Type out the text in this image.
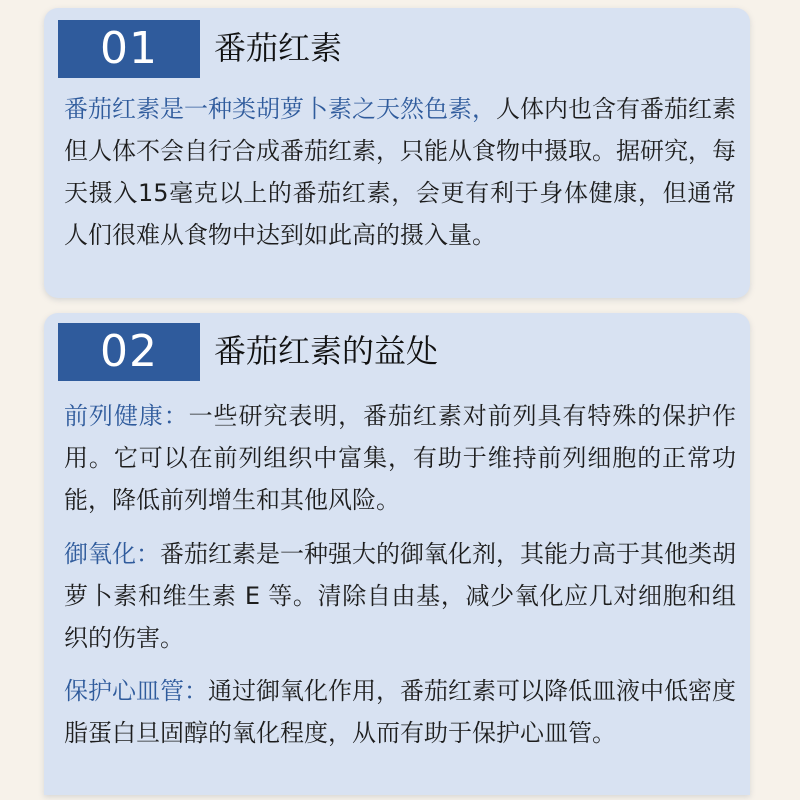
01	番茄红素

番茄红素是一种类胡萝卜素之天然色素，人体内也含有番茄红素但人体不会自行合成番茄红素，只能从食物中摄取。据研究，每天摄入15毫克以上的番茄红素，会更有利于身体健康，但通常人们很难从食物中达到如此高的摄入量。

02	番茄红素的益处

前列健康：一些研究表明，番茄红素对前列具有特殊的保护作用。它可以在前列组织中富集，有助于维持前列细胞的正常功能，降低前列增生和其他风险。

御氧化：番茄红素是一种强大的御氧化剂，其能力高于其他类胡萝卜素和维生素 E 等。清除自由基，减少氧化应几对细胞和组织的伤害。

保护心皿管：通过御氧化作用，番茄红素可以降低皿液中低密度脂蛋白旦固醇的氧化程度，从而有助于保护心皿管。
